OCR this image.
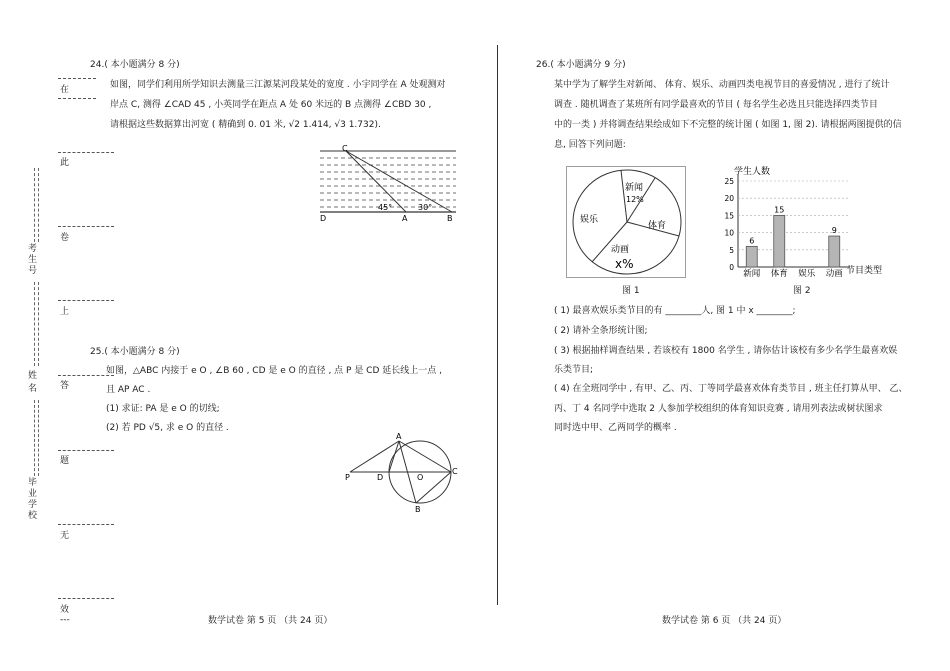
在
此
卷
上
答
题
无
效
---
考生号
姓名
毕业学校
24.( 本小题满分 8 分)
如图，同学们利用所学知识去测量三江源某河段某处的宽度 . 小宇同学在 A 处观测对
岸点 C, 测得 ∠CAD 45 , 小英同学在距点 A 处 60 米远的 B 点测得 ∠CBD 30 ,
请根据这些数据算出河宽 ( 精确到 0. 01 米, √2 1.414, √3 1.732).
C
D	A	B
45°	30°
25.( 本小题满分 8 分)
如图，△ABC 内接于 e O , ∠B 60 , CD 是 e O 的直径 , 点 P 是 CD 延长线上一点 ,
且 AP AC .
(1) 求证: PA 是 e O 的切线;
(2) 若 PD √5, 求 e O 的直径 .
A
P	D	O
C
B
26.( 本小题满分 9 分)
某中学为了解学生对新闻、 体育、娱乐、动画四类电视节目的喜爱情况 , 进行了统计
调查 . 随机调查了某班所有同学最喜欢的节目 ( 每名学生必选且只能选择四类节目
中的一类 ) 并将调查结果绘成如下不完整的统计图 ( 如图 1, 图 2). 请根据两图提供的信
息, 回答下列问题:
新闻
12%
体育
娱乐
动画
x%
图 1
学生人数
节目类型
0
5
10
15
20
25
新闻 体育 娱乐 动画
6
15
9
图 2
( 1) 最喜欢娱乐类节目的有 ________人, 图 1 中 x ________;
( 2) 请补全条形统计图;
( 3) 根据抽样调查结果 , 若该校有 1800 名学生 , 请你估计该校有多少名学生最喜欢娱
乐类节目;
( 4) 在全班同学中 , 有甲、乙、丙、丁等同学最喜欢体育类节目 , 班主任打算从甲、 乙、
丙、丁 4 名同学中选取 2 人参加学校组织的体育知识竞赛 , 请用列表法或树状图求
同时选中甲、乙两同学的概率 .
数学试卷 第 5 页 （共 24 页）	数学试卷 第 6 页 （共 24 页）
